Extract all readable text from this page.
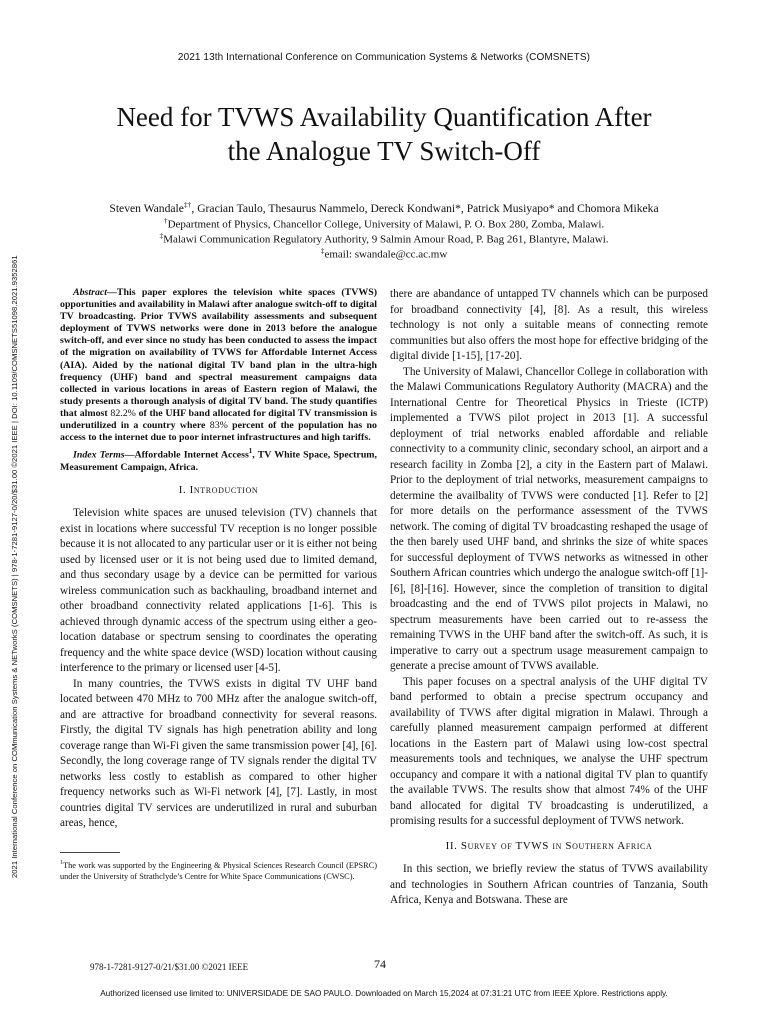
2021 13th International Conference on Communication Systems & Networks (COMSNETS)
2021 International Conference on COMmunication Systems & NETworkS (COMSNETS) | 978-1-7281-9127-0/20/$31.00 ©2021 IEEE | DOI: 10.1109/COMSNETS51098.2021.9352861
Need for TVWS Availability Quantification After
the Analogue TV Switch-Off
Steven Wandale‡†, Gracian Taulo, Thesaurus Nammelo, Dereck Kondwani*, Patrick Musiyapo* and Chomora Mikeka
†Department of Physics, Chancellor College, University of Malawi, P. O. Box 280, Zomba, Malawi.
‡Malawi Communication Regulatory Authority, 9 Salmin Amour Road, P. Bag 261, Blantyre, Malawi.
‡email: swandale@cc.ac.mw
Abstract—This paper explores the television white spaces (TVWS) opportunities and availability in Malawi after analogue switch-off to digital TV broadcasting. Prior TVWS availability assessments and subsequent deployment of TVWS networks were done in 2013 before the analogue switch-off, and ever since no study has been conducted to assess the impact of the migration on availability of TVWS for Affordable Internet Access (AIA). Aided by the national digital TV band plan in the ultra-high frequency (UHF) band and spectral measurement campaigns data collected in various locations in areas of Eastern region of Malawi, the study presents a thorough analysis of digital TV band. The study quantifies that almost 82.2% of the UHF band allocated for digital TV transmission is underutilized in a country where 83% percent of the population has no access to the internet due to poor internet infrastructures and high tariffs.
Index Terms—Affordable Internet Access$^1$, TV White Space, Spectrum, Measurement Campaign, Africa.
I. Introduction

Television white spaces are unused television (TV) channels that exist in locations where successful TV reception is no longer possible because it is not allocated to any particular user or it is either not being used by licensed user or it is not being used due to limited demand, and thus secondary usage by a device can be permitted for various wireless communication such as backhauling, broadband internet and other broadband connectivity related applications [1-6]. This is achieved through dynamic access of the spectrum using either a geo-location database or spectrum sensing to coordinates the operating frequency and the white space device (WSD) location without causing interference to the primary or licensed user [4-5].

In many countries, the TVWS exists in digital TV UHF band located between 470 MHz to 700 MHz after the analogue switch-off, and are attractive for broadband connectivity for several reasons. Firstly, the digital TV signals has high penetration ability and long coverage range than Wi-Fi given the same transmission power [4], [6]. Secondly, the long coverage range of TV signals render the digital TV networks less costly to establish as compared to other higher frequency networks such as Wi-Fi network [4], [7]. Lastly, in most countries digital TV services are underutilized in rural and suburban areas, hence,

$^1$The work was supported by the Engineering & Physical Sciences Research Council (EPSRC) under the University of Strathclyde’s Centre for White Space Communications (CWSC).

there are abandance of untapped TV channels which can be purposed for broadband connectivity [4], [8]. As a result, this wireless technology is not only a suitable means of connecting remote communities but also offers the most hope for effective bridging of the digital divide [1-15], [17-20].

The University of Malawi, Chancellor College in collaboration with the Malawi Communications Regulatory Authority (MACRA) and the International Centre for Theoretical Physics in Trieste (ICTP) implemented a TVWS pilot project in 2013 [1]. A successful deployment of trial networks enabled affordable and reliable connectivity to a community clinic, secondary school, an airport and a research facility in Zomba [2], a city in the Eastern part of Malawi. Prior to the deployment of trial networks, measurement campaigns to determine the availbality of TVWS were conducted [1]. Refer to [2] for more details on the performance assessment of the TVWS network. The coming of digital TV broadcasting reshaped the usage of the then barely used UHF band, and shrinks the size of white spaces for successful deployment of TVWS networks as witnessed in other Southern African countries which undergo the analogue switch-off [1]-[6], [8]-[16]. However, since the completion of transition to digital broadcasting and the end of TVWS pilot projects in Malawi, no spectrum measurements have been carried out to re-assess the remaining TVWS in the UHF band after the switch-off. As such, it is imperative to carry out a spectrum usage measurement campaign to generate a precise amount of TVWS available.

This paper focuses on a spectral analysis of the UHF digital TV band performed to obtain a precise spectrum occupancy and availability of TVWS after digital migration in Malawi. Through a carefully planned measurement campaign performed at different locations in the Eastern part of Malawi using low-cost spectral measurements tools and techniques, we analyse the UHF spectrum occupancy and compare it with a national digital TV plan to quantify the available TVWS. The results show that almost 74% of the UHF band allocated for digital TV broadcasting is underutilized, a promising results for a successful deployment of TVWS network.

II. Survey of TVWS in Southern Africa

In this section, we briefly review the status of TVWS availability and technologies in Southern African countries of Tanzania, South Africa, Kenya and Botswana. These are

978-1-7281-9127-0/21/$31.00 ©2021 IEEE	74
Authorized licensed use limited to: UNIVERSIDADE DE SAO PAULO. Downloaded on March 15,2024 at 07:31:21 UTC from IEEE Xplore. Restrictions apply.
